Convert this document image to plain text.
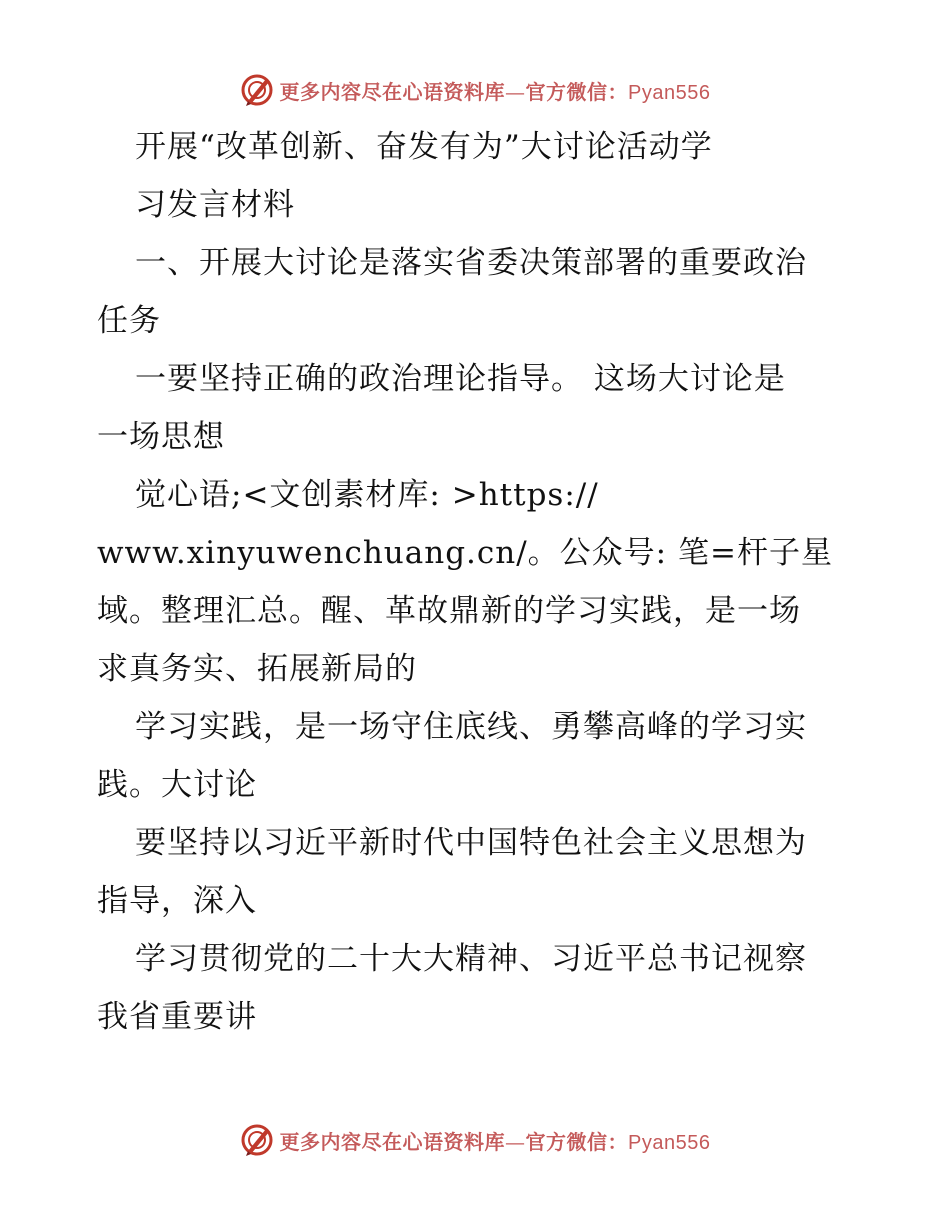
更多内容尽在心语资料库—官方微信：Pyan556
开展“改革创新、奋发有为”大讨论活动学
习发言材料
一、开展大讨论是落实省委决策部署的重要政治
任务
一要坚持正确的政治理论指导。 这场大讨论是
一场思想
觉心语;<文创素材库: >https://
www.xinyuwenchuang.cn/。公众号: 笔=杆子星
域。整理汇总。醒、革故鼎新的学习实践，是一场
求真务实、拓展新局的
学习实践，是一场守住底线、勇攀高峰的学习实
践。大讨论
要坚持以习近平新时代中国特色社会主义思想为
指导，深入
学习贯彻党的二十大大精神、习近平总书记视察
我省重要讲
更多内容尽在心语资料库—官方微信：Pyan556
